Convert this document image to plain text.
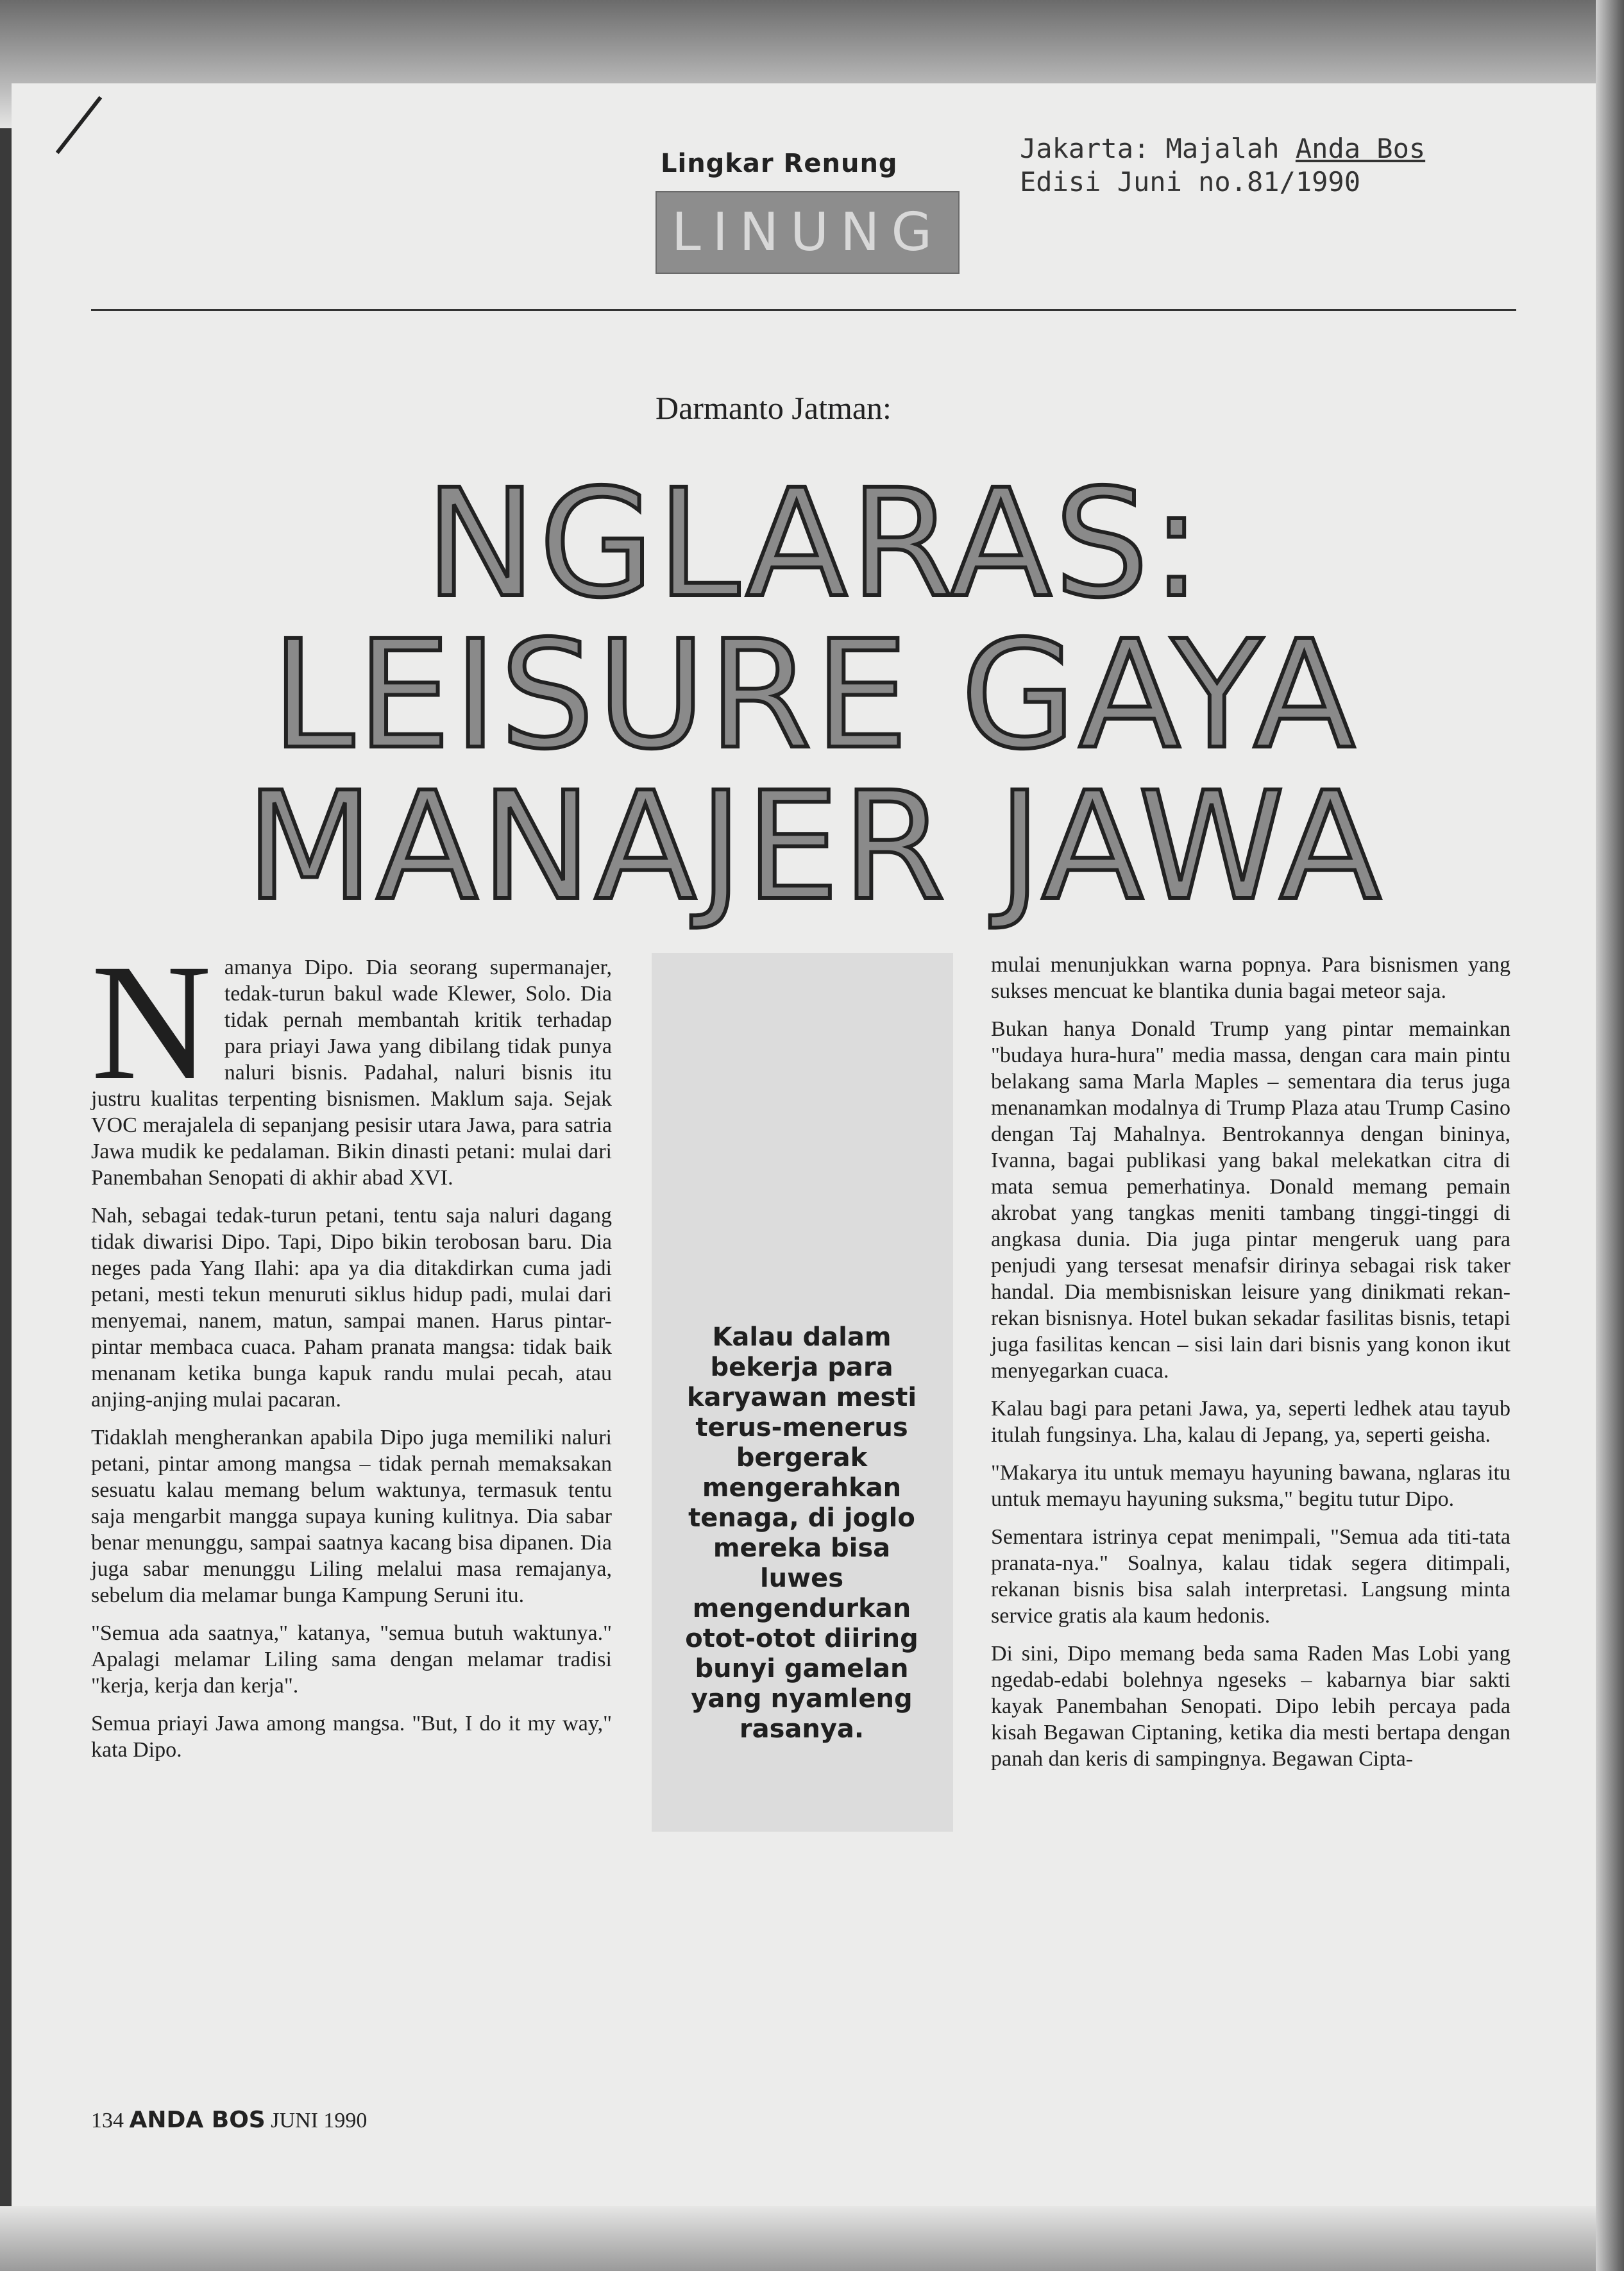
Lingkar Renung
LINUNG
Jakarta: Majalah Anda Bos
Edisi Juni no.81/1990
Darmanto Jatman:
NGLARAS:
LEISURE GAYA
MANAJER JAWA

Namanya Dipo. Dia seorang supermanajer, tedak-turun bakul wade Klewer, Solo. Dia tidak pernah membantah kritik terhadap para priayi Jawa yang dibilang tidak punya naluri bisnis. Padahal, naluri bisnis itu justru kualitas terpenting bisnismen. Maklum saja. Sejak VOC merajalela di sepanjang pesisir utara Jawa, para satria Jawa mudik ke pedalaman. Bikin dinasti petani: mulai dari Panembahan Senopati di akhir abad XVI.

Nah, sebagai tedak-turun petani, tentu saja naluri dagang tidak diwarisi Dipo. Tapi, Dipo bikin terobosan baru. Dia neges pada Yang Ilahi: apa ya dia ditakdirkan cuma jadi petani, mesti tekun menuruti siklus hidup padi, mulai dari menyemai, nanem, matun, sampai manen. Harus pintar-pintar membaca cuaca. Paham pranata mangsa: tidak baik menanam ketika bunga kapuk randu mulai pecah, atau anjing-anjing mulai pacaran.

Tidaklah mengherankan apabila Dipo juga memiliki naluri petani, pintar among mangsa – tidak pernah memaksakan sesuatu kalau memang belum waktunya, termasuk tentu saja mengarbit mangga supaya kuning kulitnya. Dia sabar benar menunggu, sampai saatnya kacang bisa dipanen. Dia juga sabar menunggu Liling melalui masa remajanya, sebelum dia melamar bunga Kampung Seruni itu.

"Semua ada saatnya," katanya, "semua butuh waktunya." Apalagi melamar Liling sama dengan melamar tradisi "kerja, kerja dan kerja".

Semua priayi Jawa among mangsa. "But, I do it my way," kata Dipo.

Kalau dalam bekerja para karyawan mesti terus-menerus bergerak mengerahkan tenaga, di joglo mereka bisa luwes mengendurkan otot-otot diiring bunyi gamelan yang nyamleng rasanya.

mulai menunjukkan warna popnya. Para bisnismen yang sukses mencuat ke blantika dunia bagai meteor saja.

Bukan hanya Donald Trump yang pintar memainkan "budaya hura-hura" media massa, dengan cara main pintu belakang sama Marla Maples – sementara dia terus juga menanamkan modalnya di Trump Plaza atau Trump Casino dengan Taj Mahalnya. Bentrokannya dengan bininya, Ivanna, bagai publikasi yang bakal melekatkan citra di mata semua pemerhatinya. Donald memang pemain akrobat yang tangkas meniti tambang tinggi-tinggi di angkasa dunia. Dia juga pintar mengeruk uang para penjudi yang tersesat menafsir dirinya sebagai risk taker handal. Dia membisniskan leisure yang dinikmati rekan-rekan bisnisnya. Hotel bukan sekadar fasilitas bisnis, tetapi juga fasilitas kencan – sisi lain dari bisnis yang konon ikut menyegarkan cuaca.

Kalau bagi para petani Jawa, ya, seperti ledhek atau tayub itulah fungsinya. Lha, kalau di Jepang, ya, seperti geisha.

"Makarya itu untuk memayu hayuning bawana, nglaras itu untuk memayu hayuning suksma," begitu tutur Dipo.

Sementara istrinya cepat menimpali, "Semua ada titi-tata pranata-nya." Soalnya, kalau tidak segera ditimpali, rekanan bisnis bisa salah interpretasi. Langsung minta service gratis ala kaum hedonis.

Di sini, Dipo memang beda sama Raden Mas Lobi yang ngedab-edabi bolehnya ngeseks – kabarnya biar sakti kayak Panembahan Senopati. Dipo lebih percaya pada kisah Begawan Ciptaning, ketika dia mesti bertapa dengan panah dan keris di sampingnya. Begawan Cipta-

134 ANDA BOS JUNI 1990
